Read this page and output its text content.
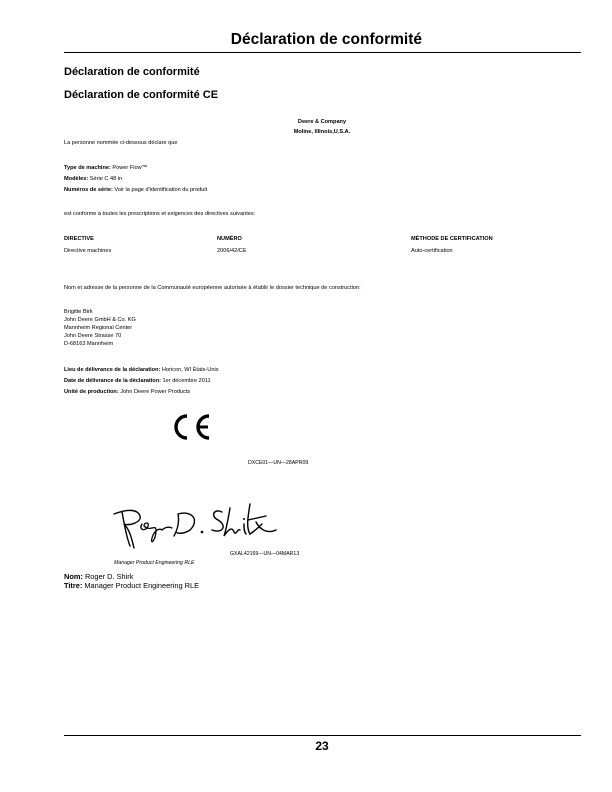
Déclaration de conformité
Déclaration de conformité
Déclaration de conformité CE
Deere & Company
Moline, Illinois,U.S.A.
La personne nommée ci-dessous déclare que
Type de machine: Power Flow™
Modèles: Série C 48 in
Numéros de série: Voir la page d'identification du produit
est conforme à toutes les prescriptions et exigences des directives suivantes:
DIRECTIVE	NUMÉRO	MÉTHODE DE CERTIFICATION
Directive machines	2006/42/CE	Auto-certification
Nom et adresse de la personne de la Communauté européenne autorisée à établir le dossier technique de construction:
Brigitte Birk
John Deere GmbH & Co. KG
Mannheim Regional Center
John Deere Strasse 70
D-68163 Mannheim
Lieu de délivrance de la déclaration: Horicon, WI États-Unis
Date de délivrance de la déclaration: 1er décembre 2011
Unité de production: John Deere Power Products
DXCE01—UN—28APR09
GXAL42169—UN—04MAR13
Manager Product Engineering RLE
Nom: Roger D. Shirk
Titre: Manager Product Engineering RLE
23
